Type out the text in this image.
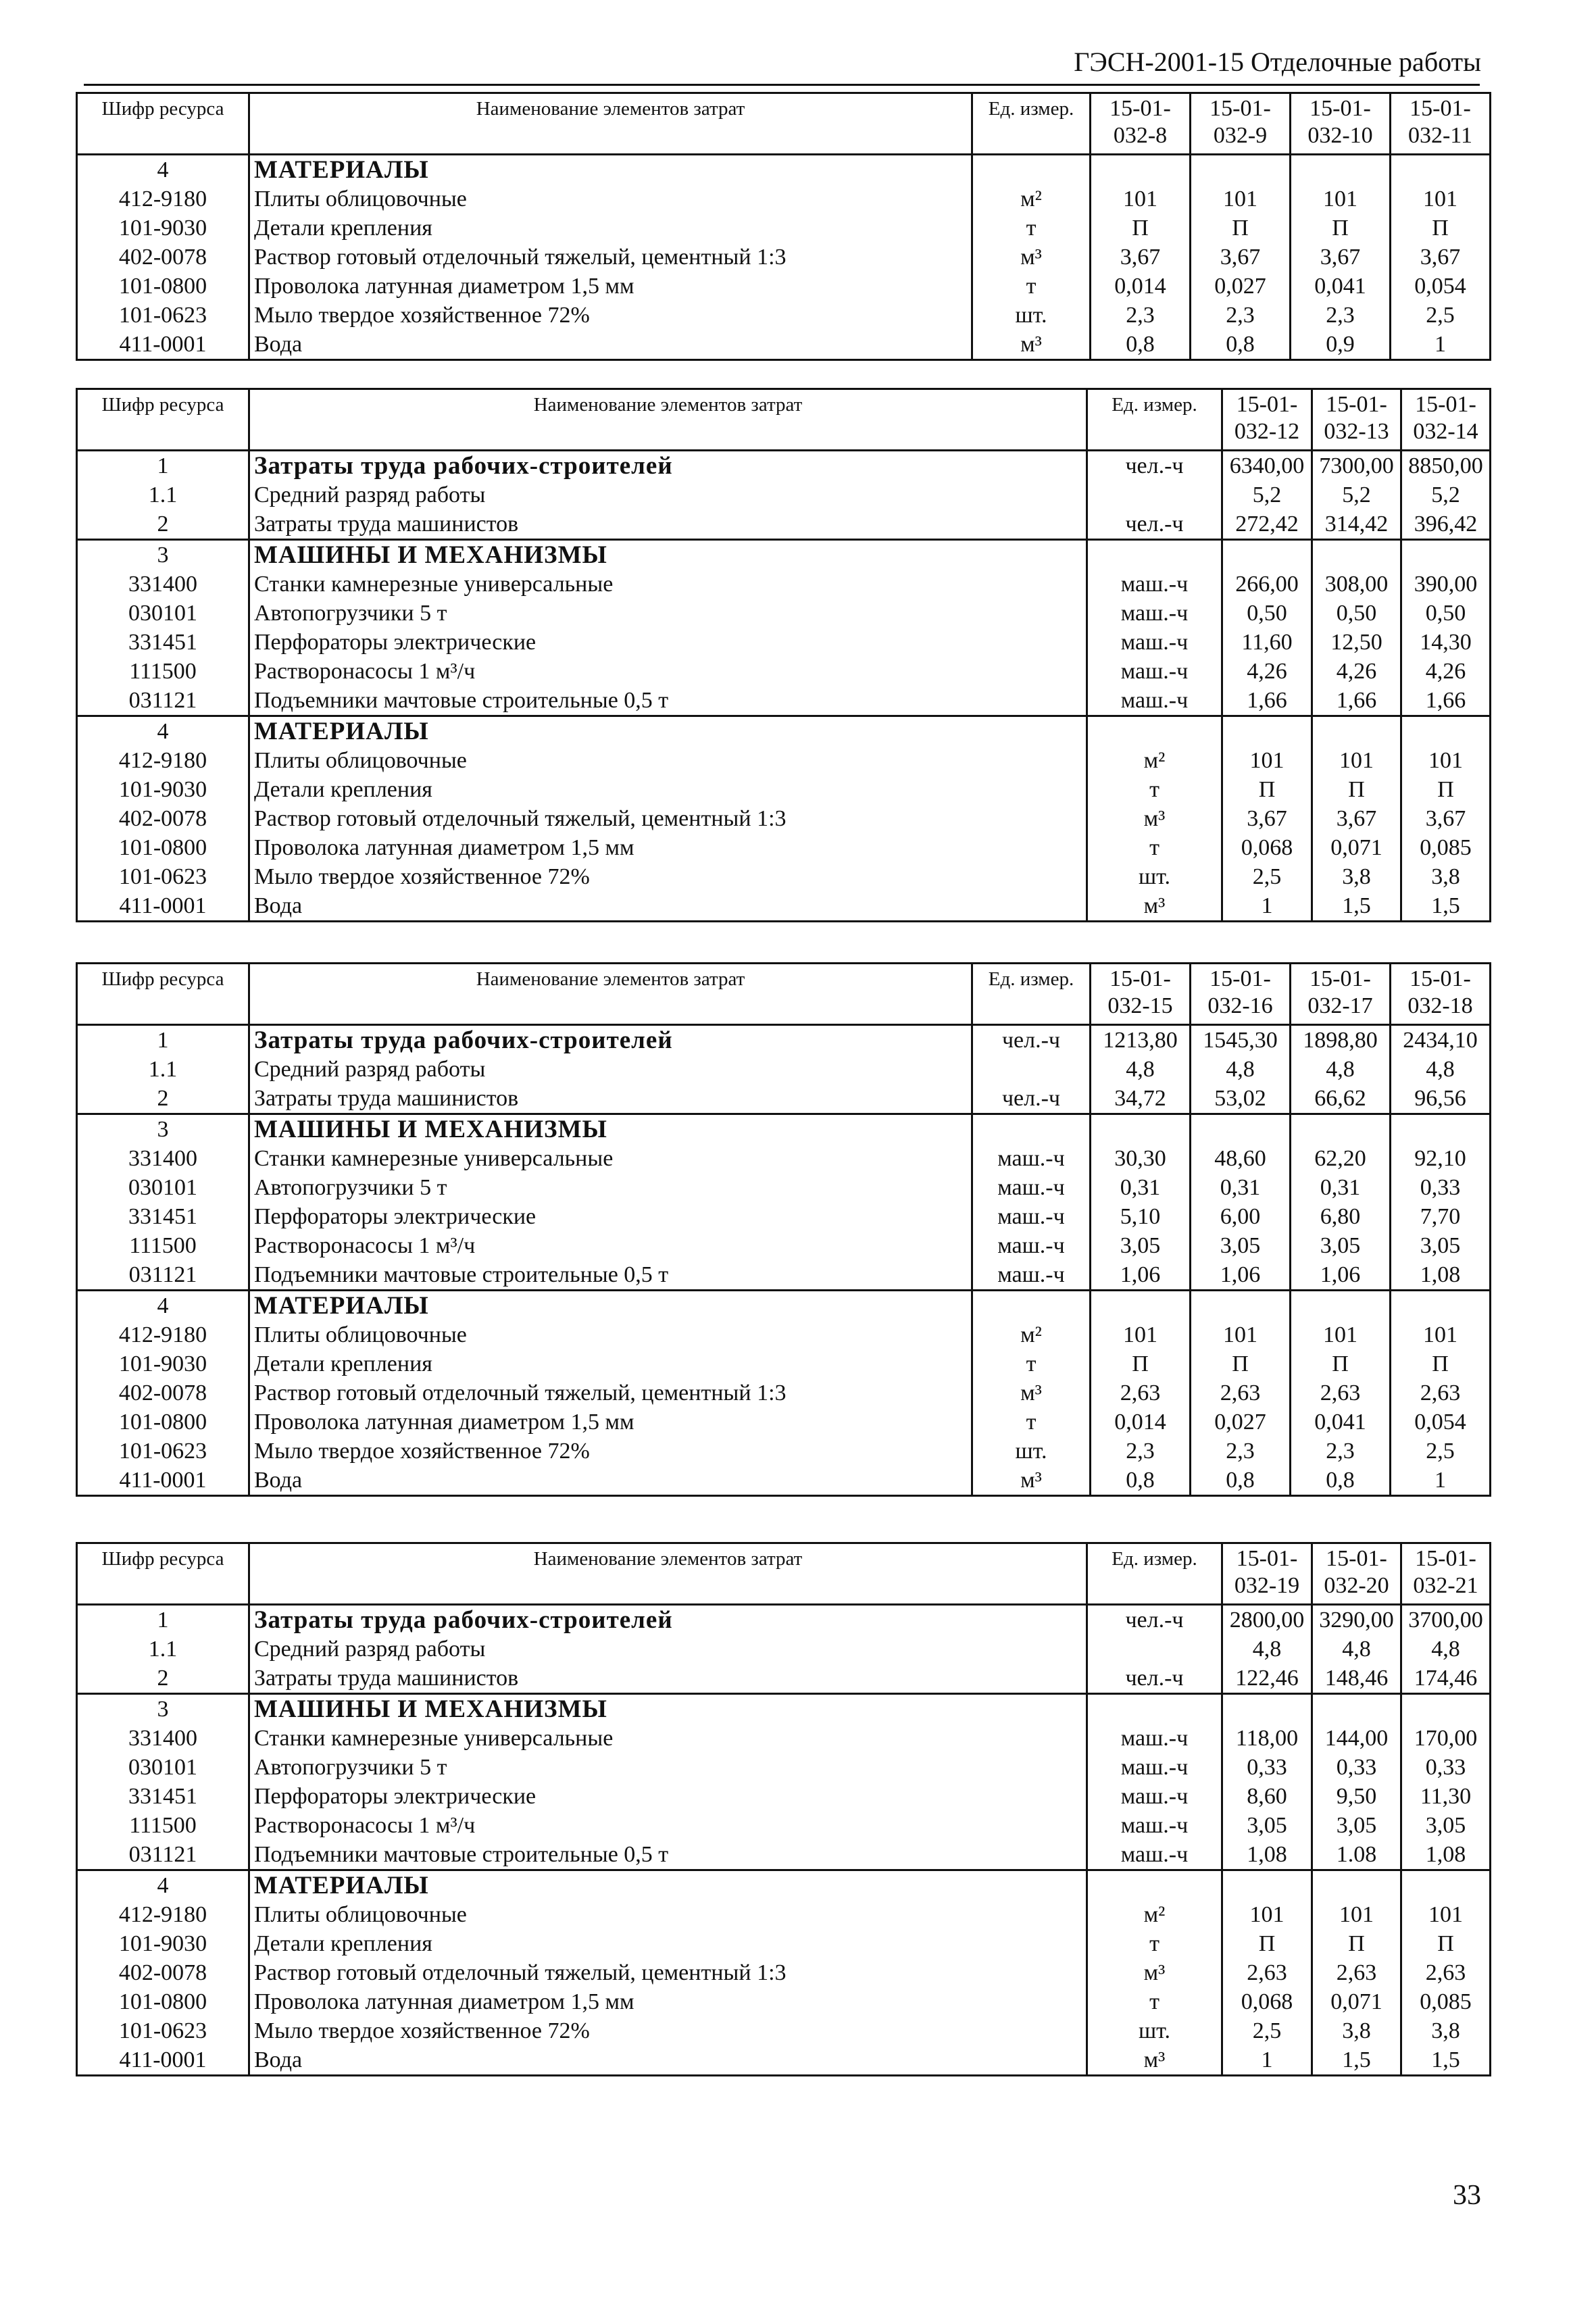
ГЭСН-2001-15 Отделочные работы
Шифр ресурса	Наименование элементов затрат	Ед. измер.	15-01-032-8	15-01-032-9	15-01-032-10	15-01-032-11
4	МАТЕРИАЛЫ					
412-9180	Плиты облицовочные	м²	101	101	101	101
101-9030	Детали крепления	т	П	П	П	П
402-0078	Раствор готовый отделочный тяжелый, цементный 1:3	м³	3,67	3,67	3,67	3,67
101-0800	Проволока латунная диаметром 1,5 мм	т	0,014	0,027	0,041	0,054
101-0623	Мыло твердое хозяйственное 72%	шт.	2,3	2,3	2,3	2,5
411-0001	Вода	м³	0,8	0,8	0,9	1
Шифр ресурса	Наименование элементов затрат	Ед. измер.	15-01-032-12	15-01-032-13	15-01-032-14
1	Затраты труда рабочих-строителей	чел.-ч	6340,00	7300,00	8850,00
1.1	Средний разряд работы		5,2	5,2	5,2
2	Затраты труда машинистов	чел.-ч	272,42	314,42	396,42
3	МАШИНЫ И МЕХАНИЗМЫ				
331400	Станки камнерезные универсальные	маш.-ч	266,00	308,00	390,00
030101	Автопогрузчики 5 т	маш.-ч	0,50	0,50	0,50
331451	Перфораторы электрические	маш.-ч	11,60	12,50	14,30
111500	Растворонасосы 1 м³/ч	маш.-ч	4,26	4,26	4,26
031121	Подъемники мачтовые строительные 0,5 т	маш.-ч	1,66	1,66	1,66
4	МАТЕРИАЛЫ				
412-9180	Плиты облицовочные	м²	101	101	101
101-9030	Детали крепления	т	П	П	П
402-0078	Раствор готовый отделочный тяжелый, цементный 1:3	м³	3,67	3,67	3,67
101-0800	Проволока латунная диаметром 1,5 мм	т	0,068	0,071	0,085
101-0623	Мыло твердое хозяйственное 72%	шт.	2,5	3,8	3,8
411-0001	Вода	м³	1	1,5	1,5
Шифр ресурса	Наименование элементов затрат	Ед. измер.	15-01-032-15	15-01-032-16	15-01-032-17	15-01-032-18
1	Затраты труда рабочих-строителей	чел.-ч	1213,80	1545,30	1898,80	2434,10
1.1	Средний разряд работы		4,8	4,8	4,8	4,8
2	Затраты труда машинистов	чел.-ч	34,72	53,02	66,62	96,56
3	МАШИНЫ И МЕХАНИЗМЫ					
331400	Станки камнерезные универсальные	маш.-ч	30,30	48,60	62,20	92,10
030101	Автопогрузчики 5 т	маш.-ч	0,31	0,31	0,31	0,33
331451	Перфораторы электрические	маш.-ч	5,10	6,00	6,80	7,70
111500	Растворонасосы 1 м³/ч	маш.-ч	3,05	3,05	3,05	3,05
031121	Подъемники мачтовые строительные 0,5 т	маш.-ч	1,06	1,06	1,06	1,08
4	МАТЕРИАЛЫ					
412-9180	Плиты облицовочные	м²	101	101	101	101
101-9030	Детали крепления	т	П	П	П	П
402-0078	Раствор готовый отделочный тяжелый, цементный 1:3	м³	2,63	2,63	2,63	2,63
101-0800	Проволока латунная диаметром 1,5 мм	т	0,014	0,027	0,041	0,054
101-0623	Мыло твердое хозяйственное 72%	шт.	2,3	2,3	2,3	2,5
411-0001	Вода	м³	0,8	0,8	0,8	1
Шифр ресурса	Наименование элементов затрат	Ед. измер.	15-01-032-19	15-01-032-20	15-01-032-21
1	Затраты труда рабочих-строителей	чел.-ч	2800,00	3290,00	3700,00
1.1	Средний разряд работы		4,8	4,8	4,8
2	Затраты труда машинистов	чел.-ч	122,46	148,46	174,46
3	МАШИНЫ И МЕХАНИЗМЫ				
331400	Станки камнерезные универсальные	маш.-ч	118,00	144,00	170,00
030101	Автопогрузчики 5 т	маш.-ч	0,33	0,33	0,33
331451	Перфораторы электрические	маш.-ч	8,60	9,50	11,30
111500	Растворонасосы 1 м³/ч	маш.-ч	3,05	3,05	3,05
031121	Подъемники мачтовые строительные 0,5 т	маш.-ч	1,08	1.08	1,08
4	МАТЕРИАЛЫ				
412-9180	Плиты облицовочные	м²	101	101	101
101-9030	Детали крепления	т	П	П	П
402-0078	Раствор готовый отделочный тяжелый, цементный 1:3	м³	2,63	2,63	2,63
101-0800	Проволока латунная диаметром 1,5 мм	т	0,068	0,071	0,085
101-0623	Мыло твердое хозяйственное 72%	шт.	2,5	3,8	3,8
411-0001	Вода	м³	1	1,5	1,5
33
